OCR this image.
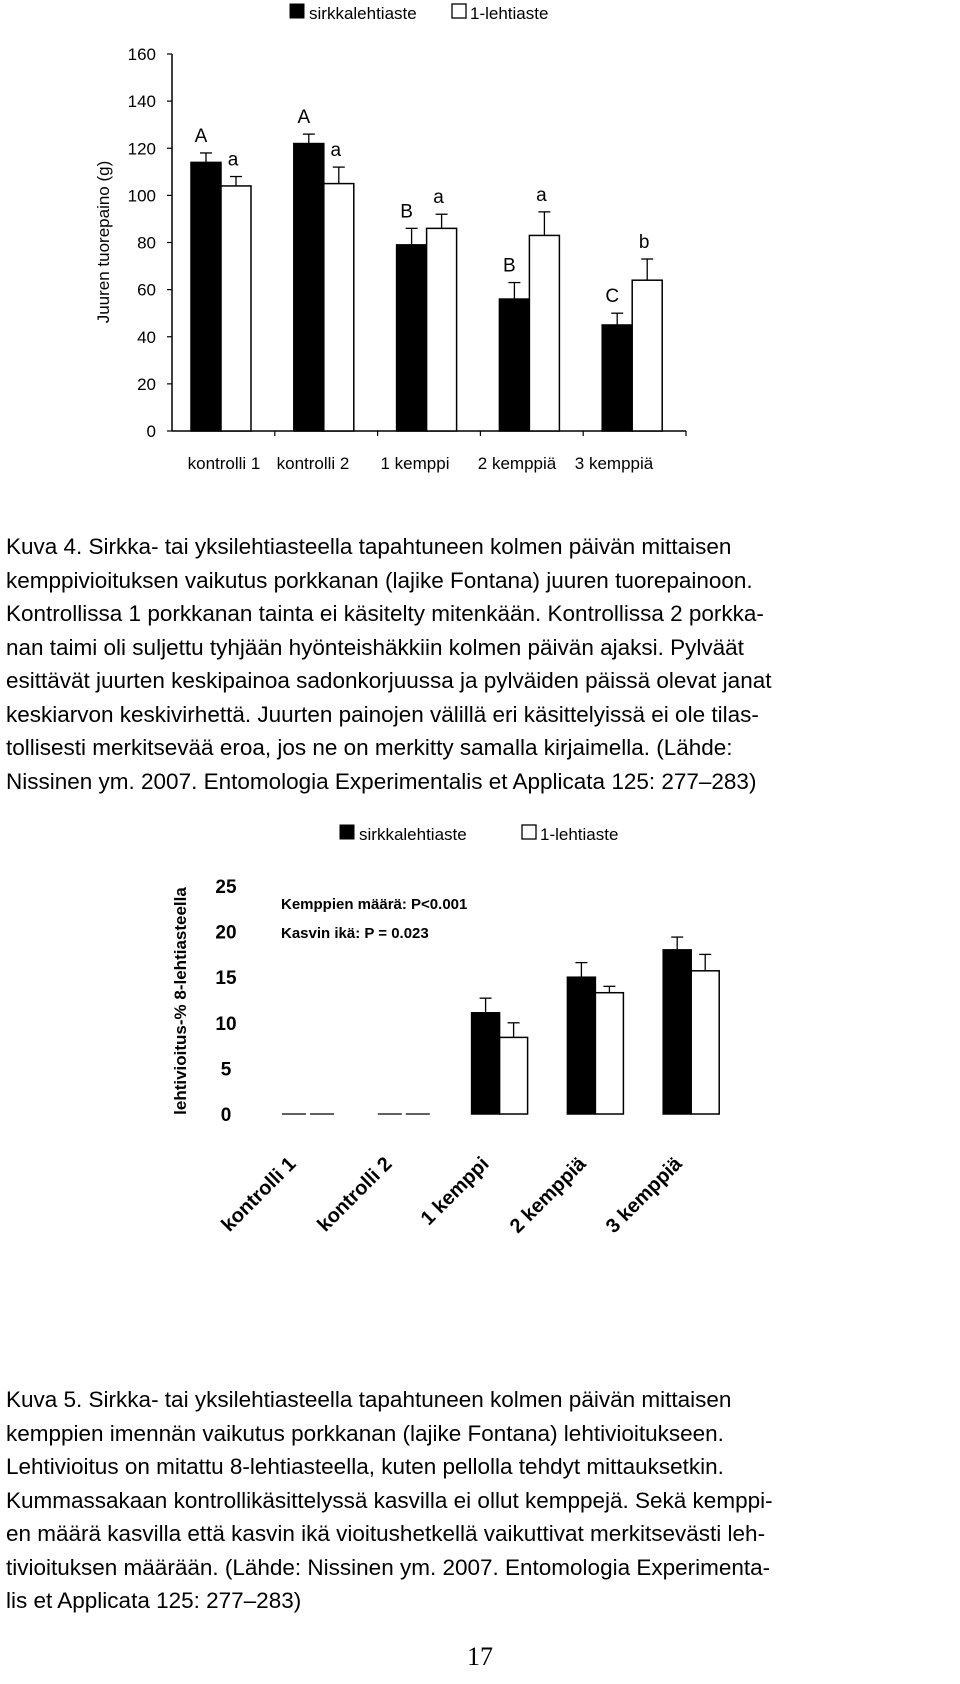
0
20
40
60
80
100
120
140
160
Juuren tuorepaino (g)
A
a
A
a
B
a
B
a
C
b
kontrolli 1 kontrolli 2 1 kemppi 2 kemppiä 3 kemppiä
sirkkalehtiaste	1-lehtiaste

Kuva 4. Sirkka- tai yksilehtiasteella tapahtuneen kolmen päivän mittaisen

kemppivioituksen vaikutus porkkanan (lajike Fontana) juuren tuorepainoon.

Kontrollissa 1 porkkanan tainta ei käsitelty mitenkään. Kontrollissa 2 porkka-

nan taimi oli suljettu tyhjään hyönteishäkkiin kolmen päivän ajaksi. Pylväät

esittävät juurten keskipainoa sadonkorjuussa ja pylväiden päissä olevat janat

keskiarvon keskivirhettä. Juurten painojen välillä eri käsittelyissä ei ole tilas-

tollisesti merkitsevää eroa, jos ne on merkitty samalla kirjaimella. (Lähde:

Nissinen ym. 2007. Entomologia Experimentalis et Applicata 125: 277–283)

0
5
10
15
20
25
lehtivioitus-% 8-lehtiasteella	Kemppien määrä: P<0.001
Kasvin ikä: P = 0.023
kontrolli 1 kontrolli 2 1 kemppi 2 kemppiä 3 kemppiä
sirkkalehtiaste	1-lehtiaste

Kuva 5. Sirkka- tai yksilehtiasteella tapahtuneen kolmen päivän mittaisen

kemppien imennän vaikutus porkkanan (lajike Fontana) lehtivioitukseen.

Lehtivioitus on mitattu 8-lehtiasteella, kuten pellolla tehdyt mittauksetkin.

Kummassakaan kontrollikäsittelyssä kasvilla ei ollut kemppejä. Sekä kemppi-

en määrä kasvilla että kasvin ikä vioitushetkellä vaikuttivat merkitsevästi leh-

tivioituksen määrään. (Lähde: Nissinen ym. 2007. Entomologia Experimenta-

lis et Applicata 125: 277–283)

17
